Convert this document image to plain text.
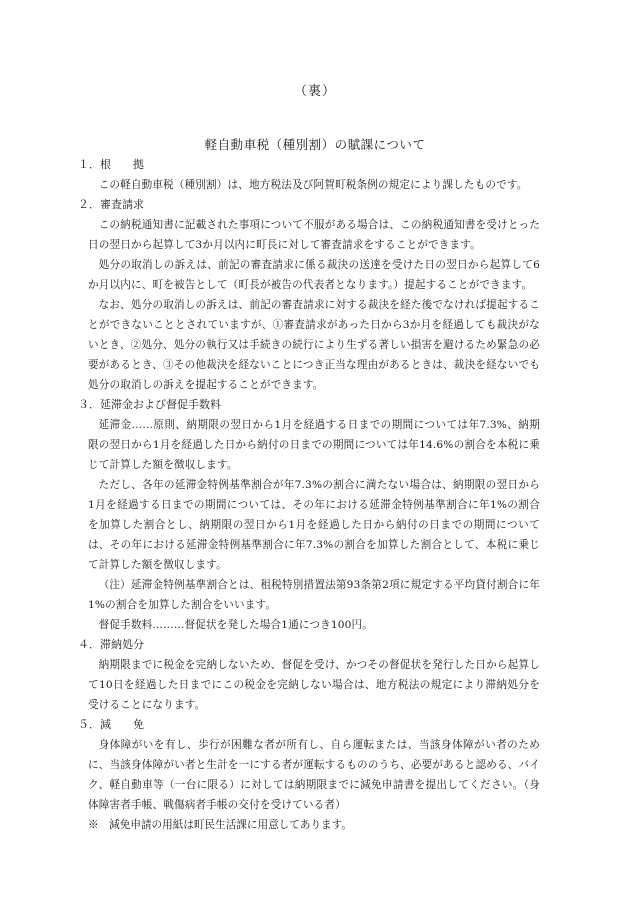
（裏）
軽自動車税（種別割）の賦課について
１．根　　拠
この軽自動車税（種別割）は、地方税法及び阿賀町税条例の規定により課したものです。
２．審査請求
この納税通知書に記載された事項について不服がある場合は、この納税通知書を受けとった日の翌日から起算して3か月以内に町長に対して審査請求をすることができます。
処分の取消しの訴えは、前記の審査請求に係る裁決の送達を受けた日の翌日から起算して6か月以内に、町を被告として（町長が被告の代表者となります。）提起することができます。
なお、処分の取消しの訴えは、前記の審査請求に対する裁決を経た後でなければ提起することができないこととされていますが、①審査請求があった日から3か月を経過しても裁決がないとき、②処分、処分の執行又は手続きの続行により生ずる著しい損害を避けるため緊急の必要があるとき、③その他裁決を経ないことにつき正当な理由があるときは、裁決を経ないでも処分の取消しの訴えを提起することができます。
３．延滞金および督促手数料
延滞金……原則、納期限の翌日から1月を経過する日までの期間については年7.3%、納期限の翌日から1月を経過した日から納付の日までの期間については年14.6%の割合を本税に乗じて計算した額を徴収します。
ただし、各年の延滞金特例基準割合が年7.3%の割合に満たない場合は、納期限の翌日から1月を経過する日までの期間については、その年における延滞金特例基準割合に年1%の割合を加算した割合とし、納期限の翌日から1月を経過した日から納付の日までの期間については、その年における延滞金特例基準割合に年7.3%の割合を加算した割合として、本税に乗じて計算した額を徴収します。
（注）延滞金特例基準割合とは、租税特別措置法第93条第2項に規定する平均貸付割合に年1%の割合を加算した割合をいいます。
督促手数料………督促状を発した場合1通につき100円。
４．滞納処分
納期限までに税金を完納しないため、督促を受け、かつその督促状を発行した日から起算して10日を経過した日までにこの税金を完納しない場合は、地方税法の規定により滞納処分を受けることになります。
５．減　　免
身体障がいを有し、歩行が困難な者が所有し、自ら運転または、当該身体障がい者のために、当該身体障がい者と生計を一にする者が運転するもののうち、必要があると認める、バイク、軽自動車等（一台に限る）に対しては納期限までに減免申請書を提出してください。（身体障害者手帳、戦傷病者手帳の交付を受けている者）
※　減免申請の用紙は町民生活課に用意してあります。
